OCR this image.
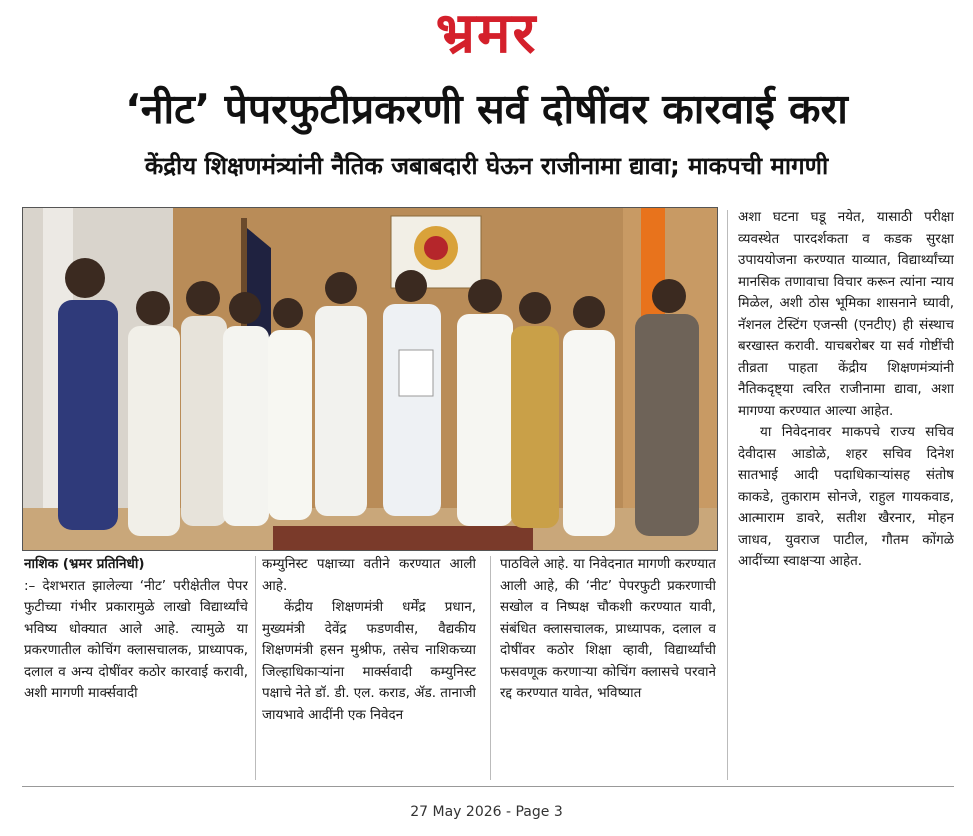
भ्रमर
‘नीट’ पेपरफुटीप्रकरणी सर्व दोषींवर कारवाई करा
केंद्रीय शिक्षणमंत्र्यांनी नैतिक जबाबदारी घेऊन राजीनामा द्यावा; माकपची मागणी

नाशिक (भ्रमर प्रतिनिधी)

:– देशभरात झालेल्या ‘नीट’ परीक्षेतील पेपर फुटीच्या गंभीर प्रकारामुळे लाखो विद्यार्थ्यांचे भविष्य धोक्यात आले आहे. त्यामुळे या प्रकरणातील कोचिंग क्लासचालक, प्राध्यापक, दलाल व अन्य दोषींवर कठोर कारवाई करावी, अशी मागणी मार्क्सवादी

कम्युनिस्ट पक्षाच्या वतीने करण्यात आली आहे.

केंद्रीय शिक्षणमंत्री धर्मेंद्र प्रधान, मुख्यमंत्री देवेंद्र फडणवीस, वैद्यकीय शिक्षणमंत्री हसन मुश्रीफ, तसेच नाशिकच्या जिल्हाधिकाऱ्यांना मार्क्सवादी कम्युनिस्ट पक्षाचे नेते डॉ. डी. एल. कराड, ॲड. तानाजी जायभावे आदींनी एक निवेदन

पाठविले आहे. या निवेदनात मागणी करण्यात आली आहे, की ‘नीट’ पेपरफुटी प्रकरणाची सखोल व निष्पक्ष चौकशी करण्यात यावी, संबंधित क्लासचालक, प्राध्यापक, दलाल व दोषींवर कठोर शिक्षा व्हावी, विद्यार्थ्यांची फसवणूक करणाऱ्या कोचिंग क्लासचे परवाने रद्द करण्यात यावेत, भविष्यात

अशा घटना घडू नयेत, यासाठी परीक्षा व्यवस्थेत पारदर्शकता व कडक सुरक्षा उपाययोजना करण्यात याव्यात, विद्यार्थ्यांच्या मानसिक तणावाचा विचार करून त्यांना न्याय मिळेल, अशी ठोस भूमिका शासनाने घ्यावी, नॅशनल टेस्टिंग एजन्सी (एनटीए) ही संस्थाच बरखास्त करावी. याचबरोबर या सर्व गोष्टींची तीव्रता पाहता केंद्रीय शिक्षणमंत्र्यांनी नैतिकदृष्ट्या त्वरित राजीनामा द्यावा, अशा मागण्या करण्यात आल्या आहेत.

या निवेदनावर माकपचे राज्य सचिव देवीदास आडोळे, शहर सचिव दिनेश सातभाई आदी पदाधिकाऱ्यांसह संतोष काकडे, तुकाराम सोनजे, राहुल गायकवाड, आत्माराम डावरे, सतीश खैरनार, मोहन जाधव, युवराज पाटील, गौतम कोंगळे आदींच्या स्वाक्षऱ्या आहेत.

27 May 2026 - Page 3
